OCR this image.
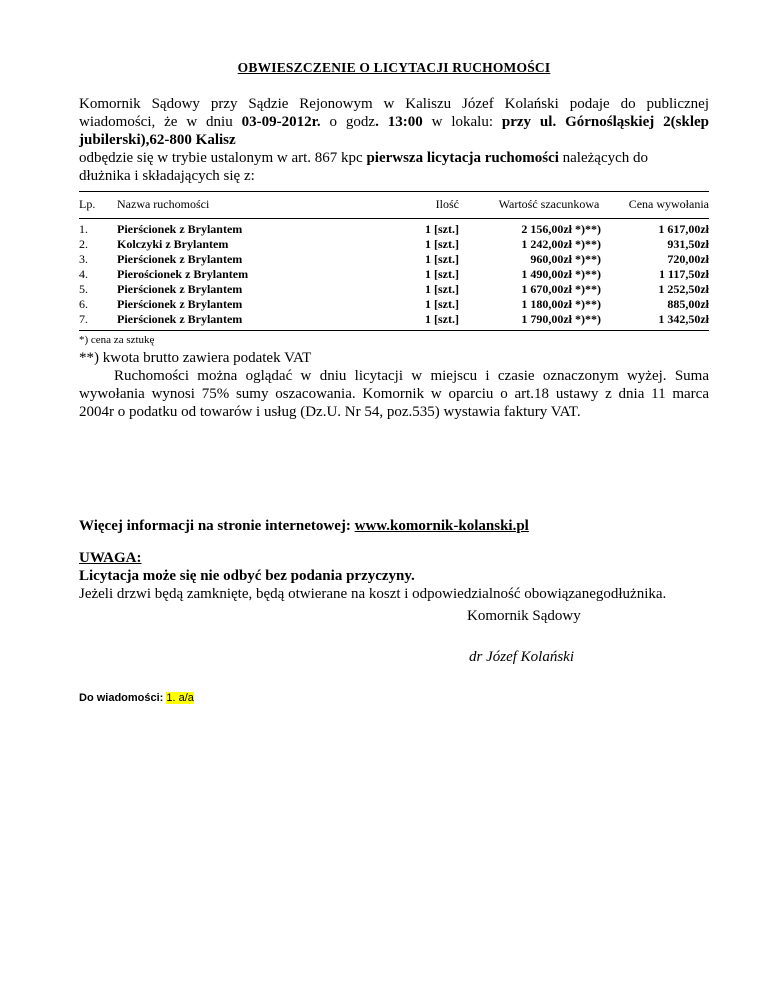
OBWIESZCZENIE O LICYTACJI RUCHOMOŚCI

Komornik Sądowy przy Sądzie Rejonowym w Kaliszu Józef Kolański podaje do publicznej

wiadomości, że w dniu 03-09-2012r. o godz. 13:00 w lokalu: przy ul. Górnośląskiej 2(sklep

jubilerski),62-800 Kalisz

odbędzie się w trybie ustalonym w art. 867 kpc pierwsza licytacja ruchomości należących do

dłużnika i składających się z:

Lp. Nazwa ruchomości	Ilość	Wartość szacunkowa	Cena wywołania
1. Pierścionek z Brylantem	1 [szt.]	2 156,00zł *)**)	1 617,00zł
2. Kolczyki z Brylantem	1 [szt.]	1 242,00zł *)**)	931,50zł
3. Pierścionek z Brylantem	1 [szt.]	960,00zł *)**)	720,00zł
4. Pierościonek z Brylantem	1 [szt.]	1 490,00zł *)**)	1 117,50zł
5. Pierścionek z Brylantem	1 [szt.]	1 670,00zł *)**)	1 252,50zł
6. Pierścionek z Brylantem	1 [szt.]	1 180,00zł *)**)	885,00zł
7. Pierścionek z Brylantem	1 [szt.]	1 790,00zł *)**)	1 342,50zł
*) cena za sztukę

**) kwota brutto zawiera podatek VAT

Ruchomości można oglądać w dniu licytacji w miejscu i czasie oznaczonym wyżej. Suma

wywołania wynosi 75% sumy oszacowania. Komornik w oparciu o art.18 ustawy z dnia 11 marca

2004r o podatku od towarów i usług (Dz.U. Nr 54, poz.535) wystawia faktury VAT.

Więcej informacji na stronie internetowej: www.komornik-kolanski.pl

UWAGA:

Licytacja może się nie odbyć bez podania przyczyny.

Jeżeli drzwi będą zamknięte, będą otwierane na koszt i odpowiedzialność obowiązanegodłużnika.

Komornik Sądowy
dr Józef Kolański
Do wiadomości: 1. a/a
